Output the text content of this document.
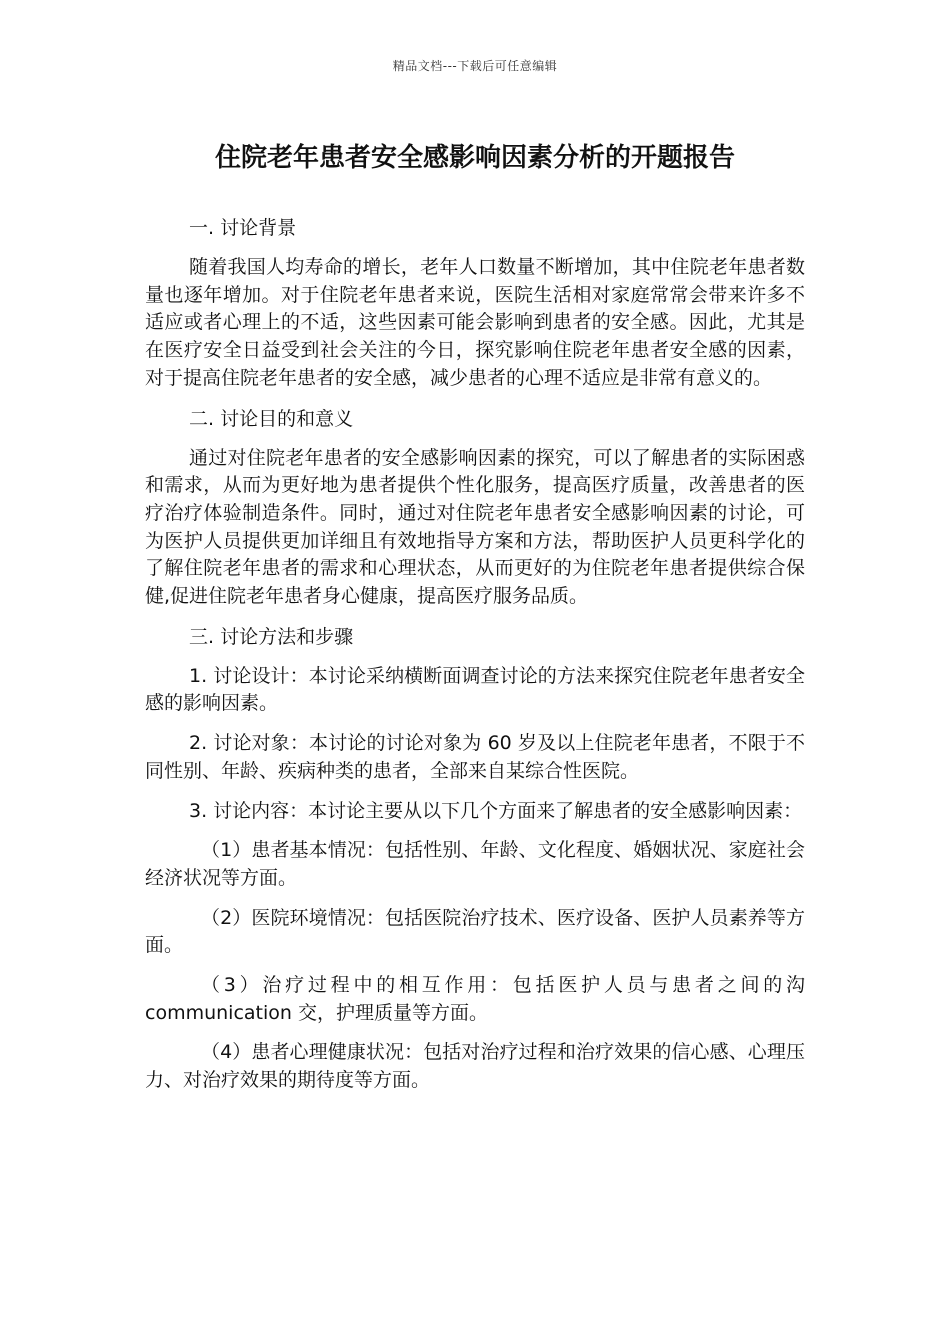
精品文档---下载后可任意编辑
住院老年患者安全感影响因素分析的开题报告
一. 讨论背景

随着我国人均寿命的增长，老年人口数量不断增加，其中住院老年患者数量也逐年增加。对于住院老年患者来说，医院生活相对家庭常常会带来许多不适应或者心理上的不适，这些因素可能会影响到患者的安全感。因此，尤其是在医疗安全日益受到社会关注的今日，探究影响住院老年患者安全感的因素，对于提高住院老年患者的安全感，减少患者的心理不适应是非常有意义的。

二. 讨论目的和意义

通过对住院老年患者的安全感影响因素的探究，可以了解患者的实际困惑和需求，从而为更好地为患者提供个性化服务，提高医疗质量，改善患者的医疗治疗体验制造条件。同时，通过对住院老年患者安全感影响因素的讨论，可为医护人员提供更加详细且有效地指导方案和方法，帮助医护人员更科学化的了解住院老年患者的需求和心理状态，从而更好的为住院老年患者提供综合保健,促进住院老年患者身心健康，提高医疗服务品质。

三. 讨论方法和步骤

1. 讨论设计：本讨论采纳横断面调查讨论的方法来探究住院老年患者安全感的影响因素。

2. 讨论对象：本讨论的讨论对象为 60 岁及以上住院老年患者，不限于不同性别、年龄、疾病种类的患者，全部来自某综合性医院。

3. 讨论内容：本讨论主要从以下几个方面来了解患者的安全感影响因素：

（1）患者基本情况：包括性别、年龄、文化程度、婚姻状况、家庭社会经济状况等方面。

（2）医院环境情况：包括医院治疗技术、医疗设备、医护人员素养等方面。

（3）治疗过程中的相互作用：包括医护人员与患者之间的沟communication 交，护理质量等方面。

（4）患者心理健康状况：包括对治疗过程和治疗效果的信心感、心理压力、对治疗效果的期待度等方面。
